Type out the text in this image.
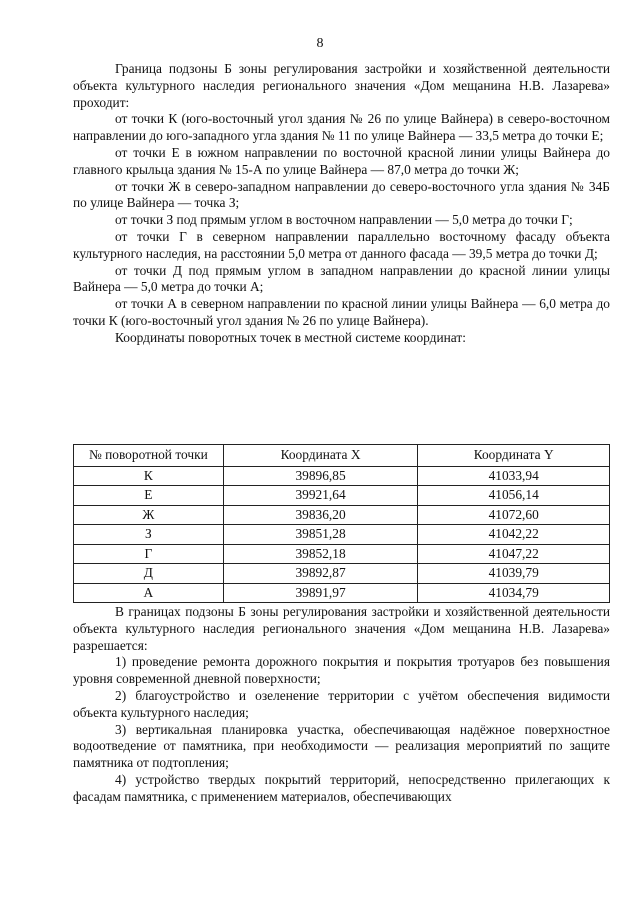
8

Граница подзоны Б зоны регулирования застройки и хозяйственной деятельности объекта культурного наследия регионального значения «Дом мещанина Н.В. Лазарева» проходит:

от точки К (юго-восточный угол здания № 26 по улице Вайнера) в северо-восточном направлении до юго-западного угла здания № 11 по улице Вайнера — 33,5 метра до точки Е;

от точки Е в южном направлении по восточной красной линии улицы Вайнера до главного крыльца здания № 15-А по улице Вайнера — 87,0 метра до точки Ж;

от точки Ж в северо-западном направлении до северо-восточного угла здания № 34Б по улице Вайнера — точка З;

от точки З под прямым углом в восточном направлении — 5,0 метра до точки Г;

от точки Г в северном направлении параллельно восточному фасаду объекта культурного наследия, на расстоянии 5,0 метра от данного фасада — 39,5 метра до точки Д;

от точки Д под прямым углом в западном направлении до красной линии улицы Вайнера — 5,0 метра до точки А;

от точки А в северном направлении по красной линии улицы Вайнера — 6,0 метра до точки К (юго-восточный угол здания № 26 по улице Вайнера).

Координаты поворотных точек в местной системе координат:

№ поворотной точки	Координата X	Координата Y
К	39896,85	41033,94
Е	39921,64	41056,14
Ж	39836,20	41072,60
З	39851,28	41042,22
Г	39852,18	41047,22
Д	39892,87	41039,79
А	39891,97	41034,79

В границах подзоны Б зоны регулирования застройки и хозяйственной деятельности объекта культурного наследия регионального значения «Дом мещанина Н.В. Лазарева» разрешается:

1) проведение ремонта дорожного покрытия и покрытия тротуаров без повышения уровня современной дневной поверхности;

2) благоустройство и озеленение территории с учётом обеспечения видимости объекта культурного наследия;

3) вертикальная планировка участка, обеспечивающая надёжное поверхностное водоотведение от памятника, при необходимости — реализация мероприятий по защите памятника от подтопления;

4) устройство твердых покрытий территорий, непосредственно прилегающих к фасадам памятника, с применением материалов, обеспечивающих
